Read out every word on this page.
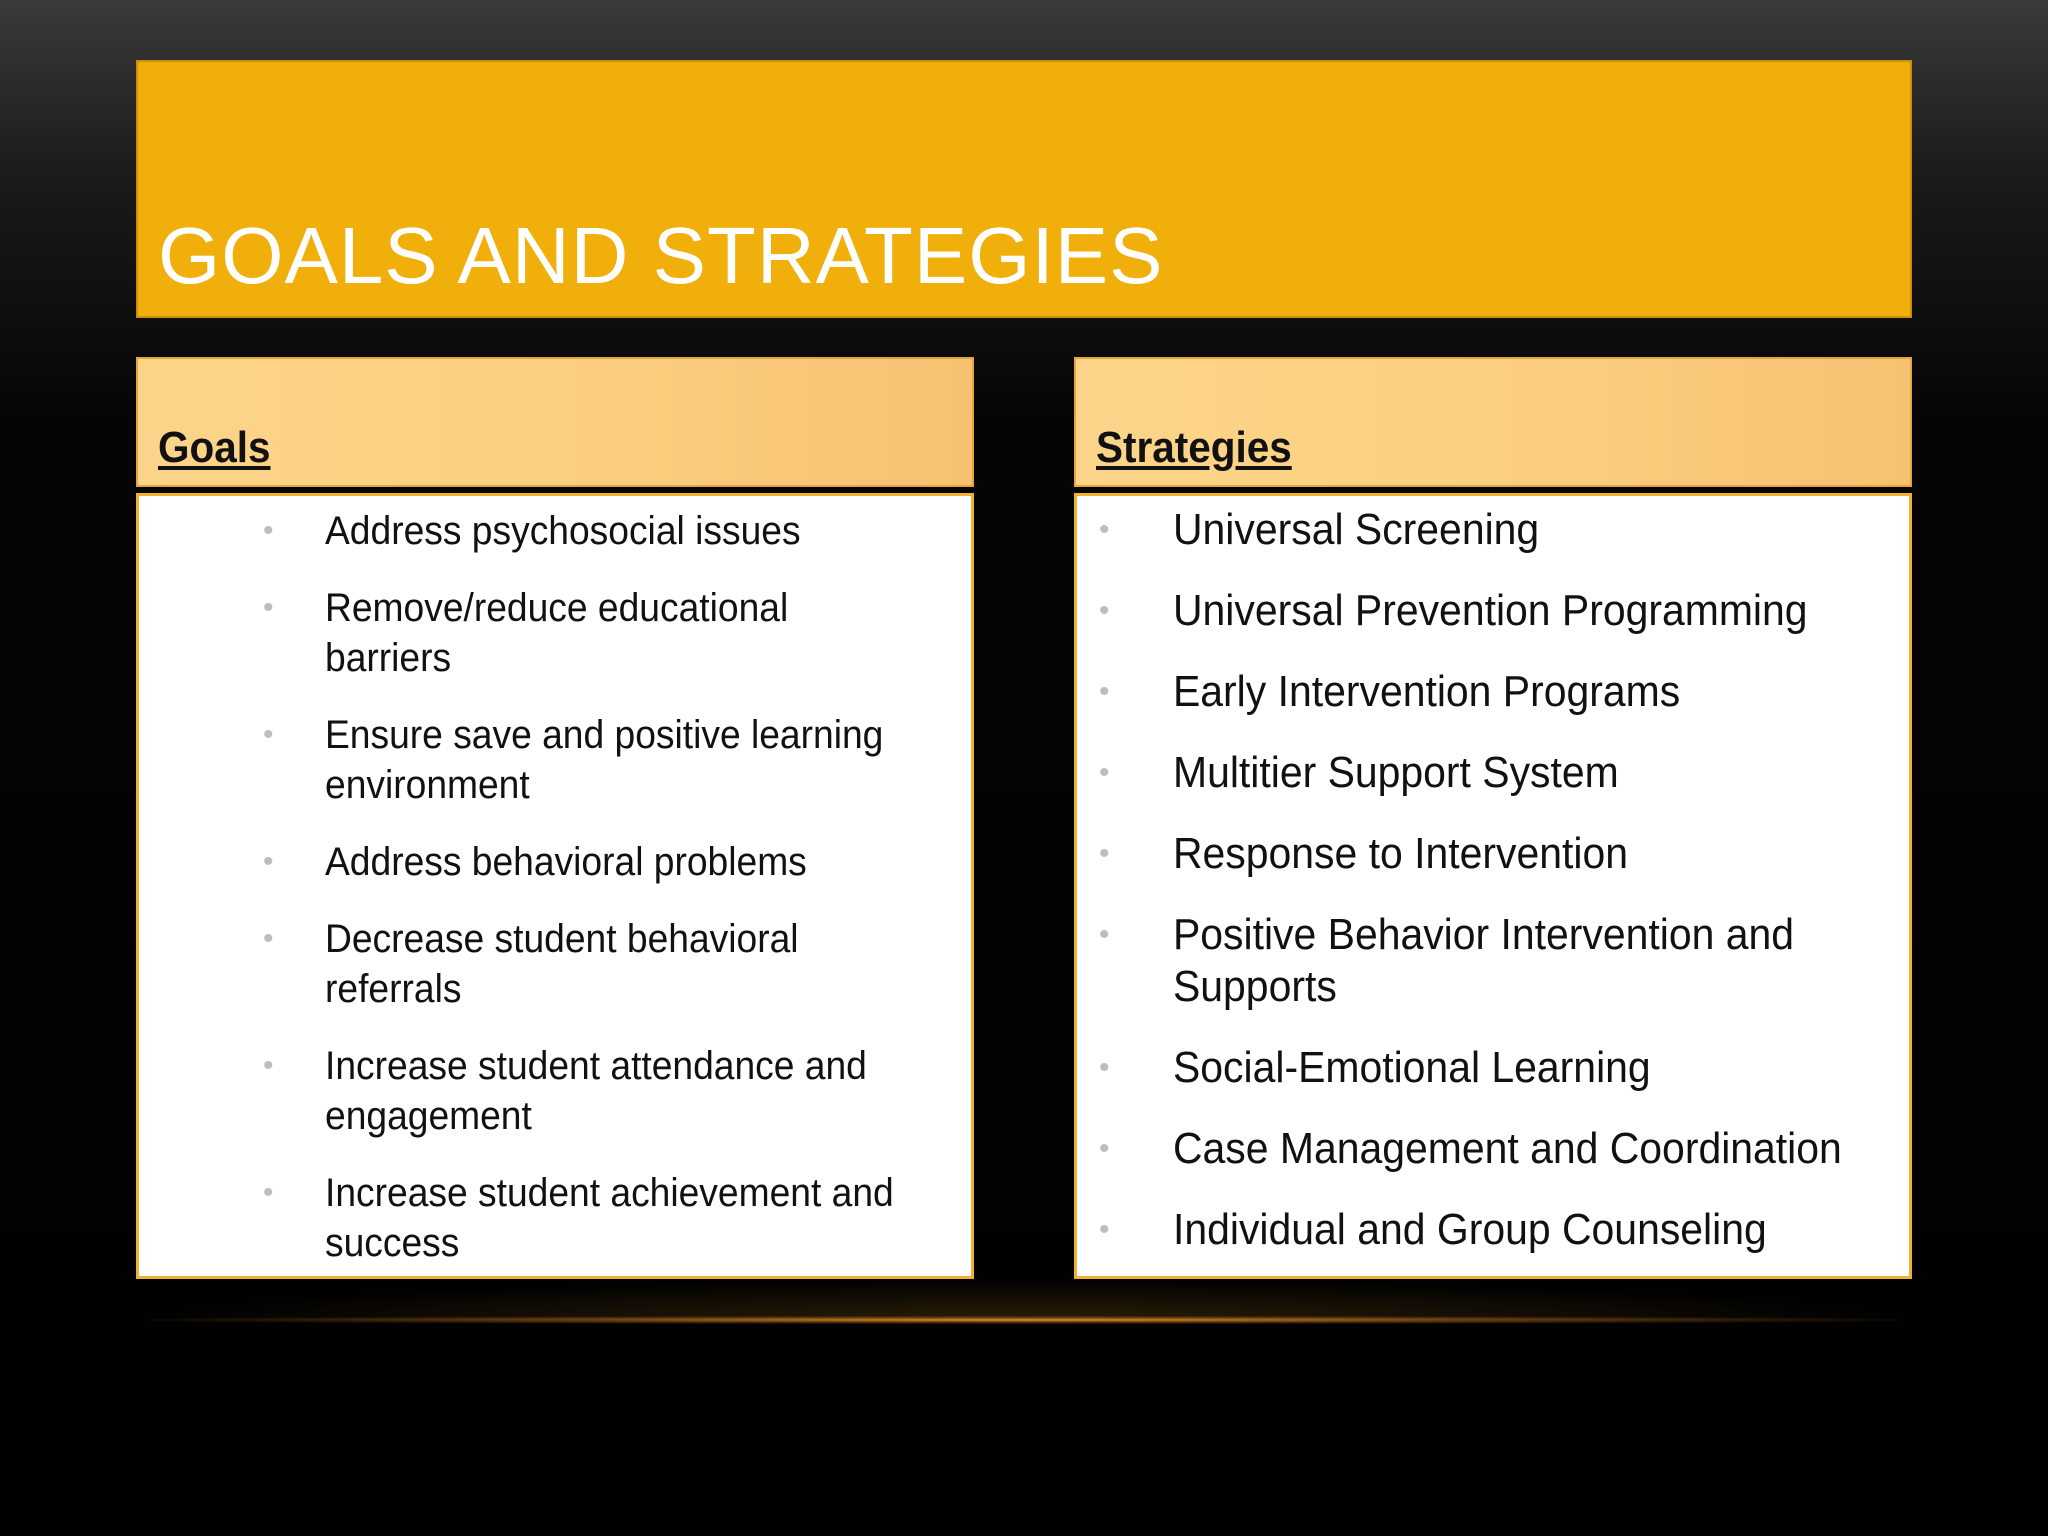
GOALS AND STRATEGIES
Goals
• Address psychosocial issues
• Remove/reduce educational barriers
• Ensure save and positive learning environment
• Address behavioral problems
• Decrease student behavioral referrals
• Increase student attendance and engagement
• Increase student achievement and success
Strategies
• Universal Screening
• Universal Prevention Programming
• Early Intervention Programs
• Multitier Support System
• Response to Intervention
• Positive Behavior Intervention and Supports
• Social-Emotional Learning
• Case Management and Coordination
• Individual and Group Counseling
